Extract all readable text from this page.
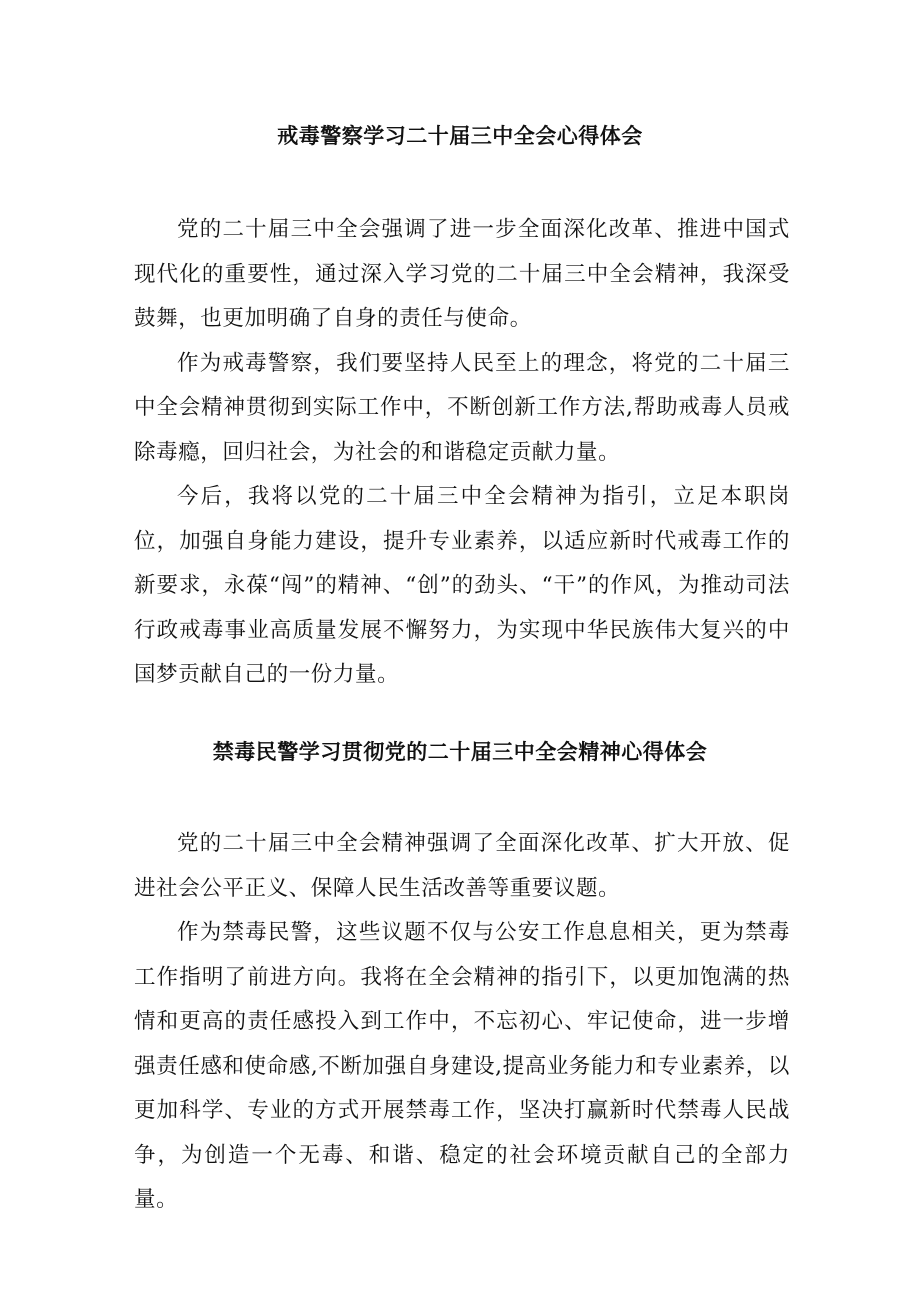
戒毒警察学习二十届三中全会心得体会

党的二十届三中全会强调了进一步全面深化改革、推进中国式现代化的重要性，通过深入学习党的二十届三中全会精神，我深受鼓舞，也更加明确了自身的责任与使命。

作为戒毒警察，我们要坚持人民至上的理念，将党的二十届三中全会精神贯彻到实际工作中，不断创新工作方法,帮助戒毒人员戒除毒瘾，回归社会，为社会的和谐稳定贡献力量。

今后，我将以党的二十届三中全会精神为指引，立足本职岗位，加强自身能力建设，提升专业素养，以适应新时代戒毒工作的新要求，永葆“闯”的精神、“创”的劲头、“干”的作风，为推动司法行政戒毒事业高质量发展不懈努力，为实现中华民族伟大复兴的中国梦贡献自己的一份力量。

禁毒民警学习贯彻党的二十届三中全会精神心得体会

党的二十届三中全会精神强调了全面深化改革、扩大开放、促进社会公平正义、保障人民生活改善等重要议题。

作为禁毒民警，这些议题不仅与公安工作息息相关，更为禁毒工作指明了前进方向。我将在全会精神的指引下，以更加饱满的热情和更高的责任感投入到工作中，不忘初心、牢记使命，进一步增强责任感和使命感,不断加强自身建设,提高业务能力和专业素养，以更加科学、专业的方式开展禁毒工作，坚决打赢新时代禁毒人民战争，为创造一个无毒、和谐、稳定的社会环境贡献自己的全部力量。
